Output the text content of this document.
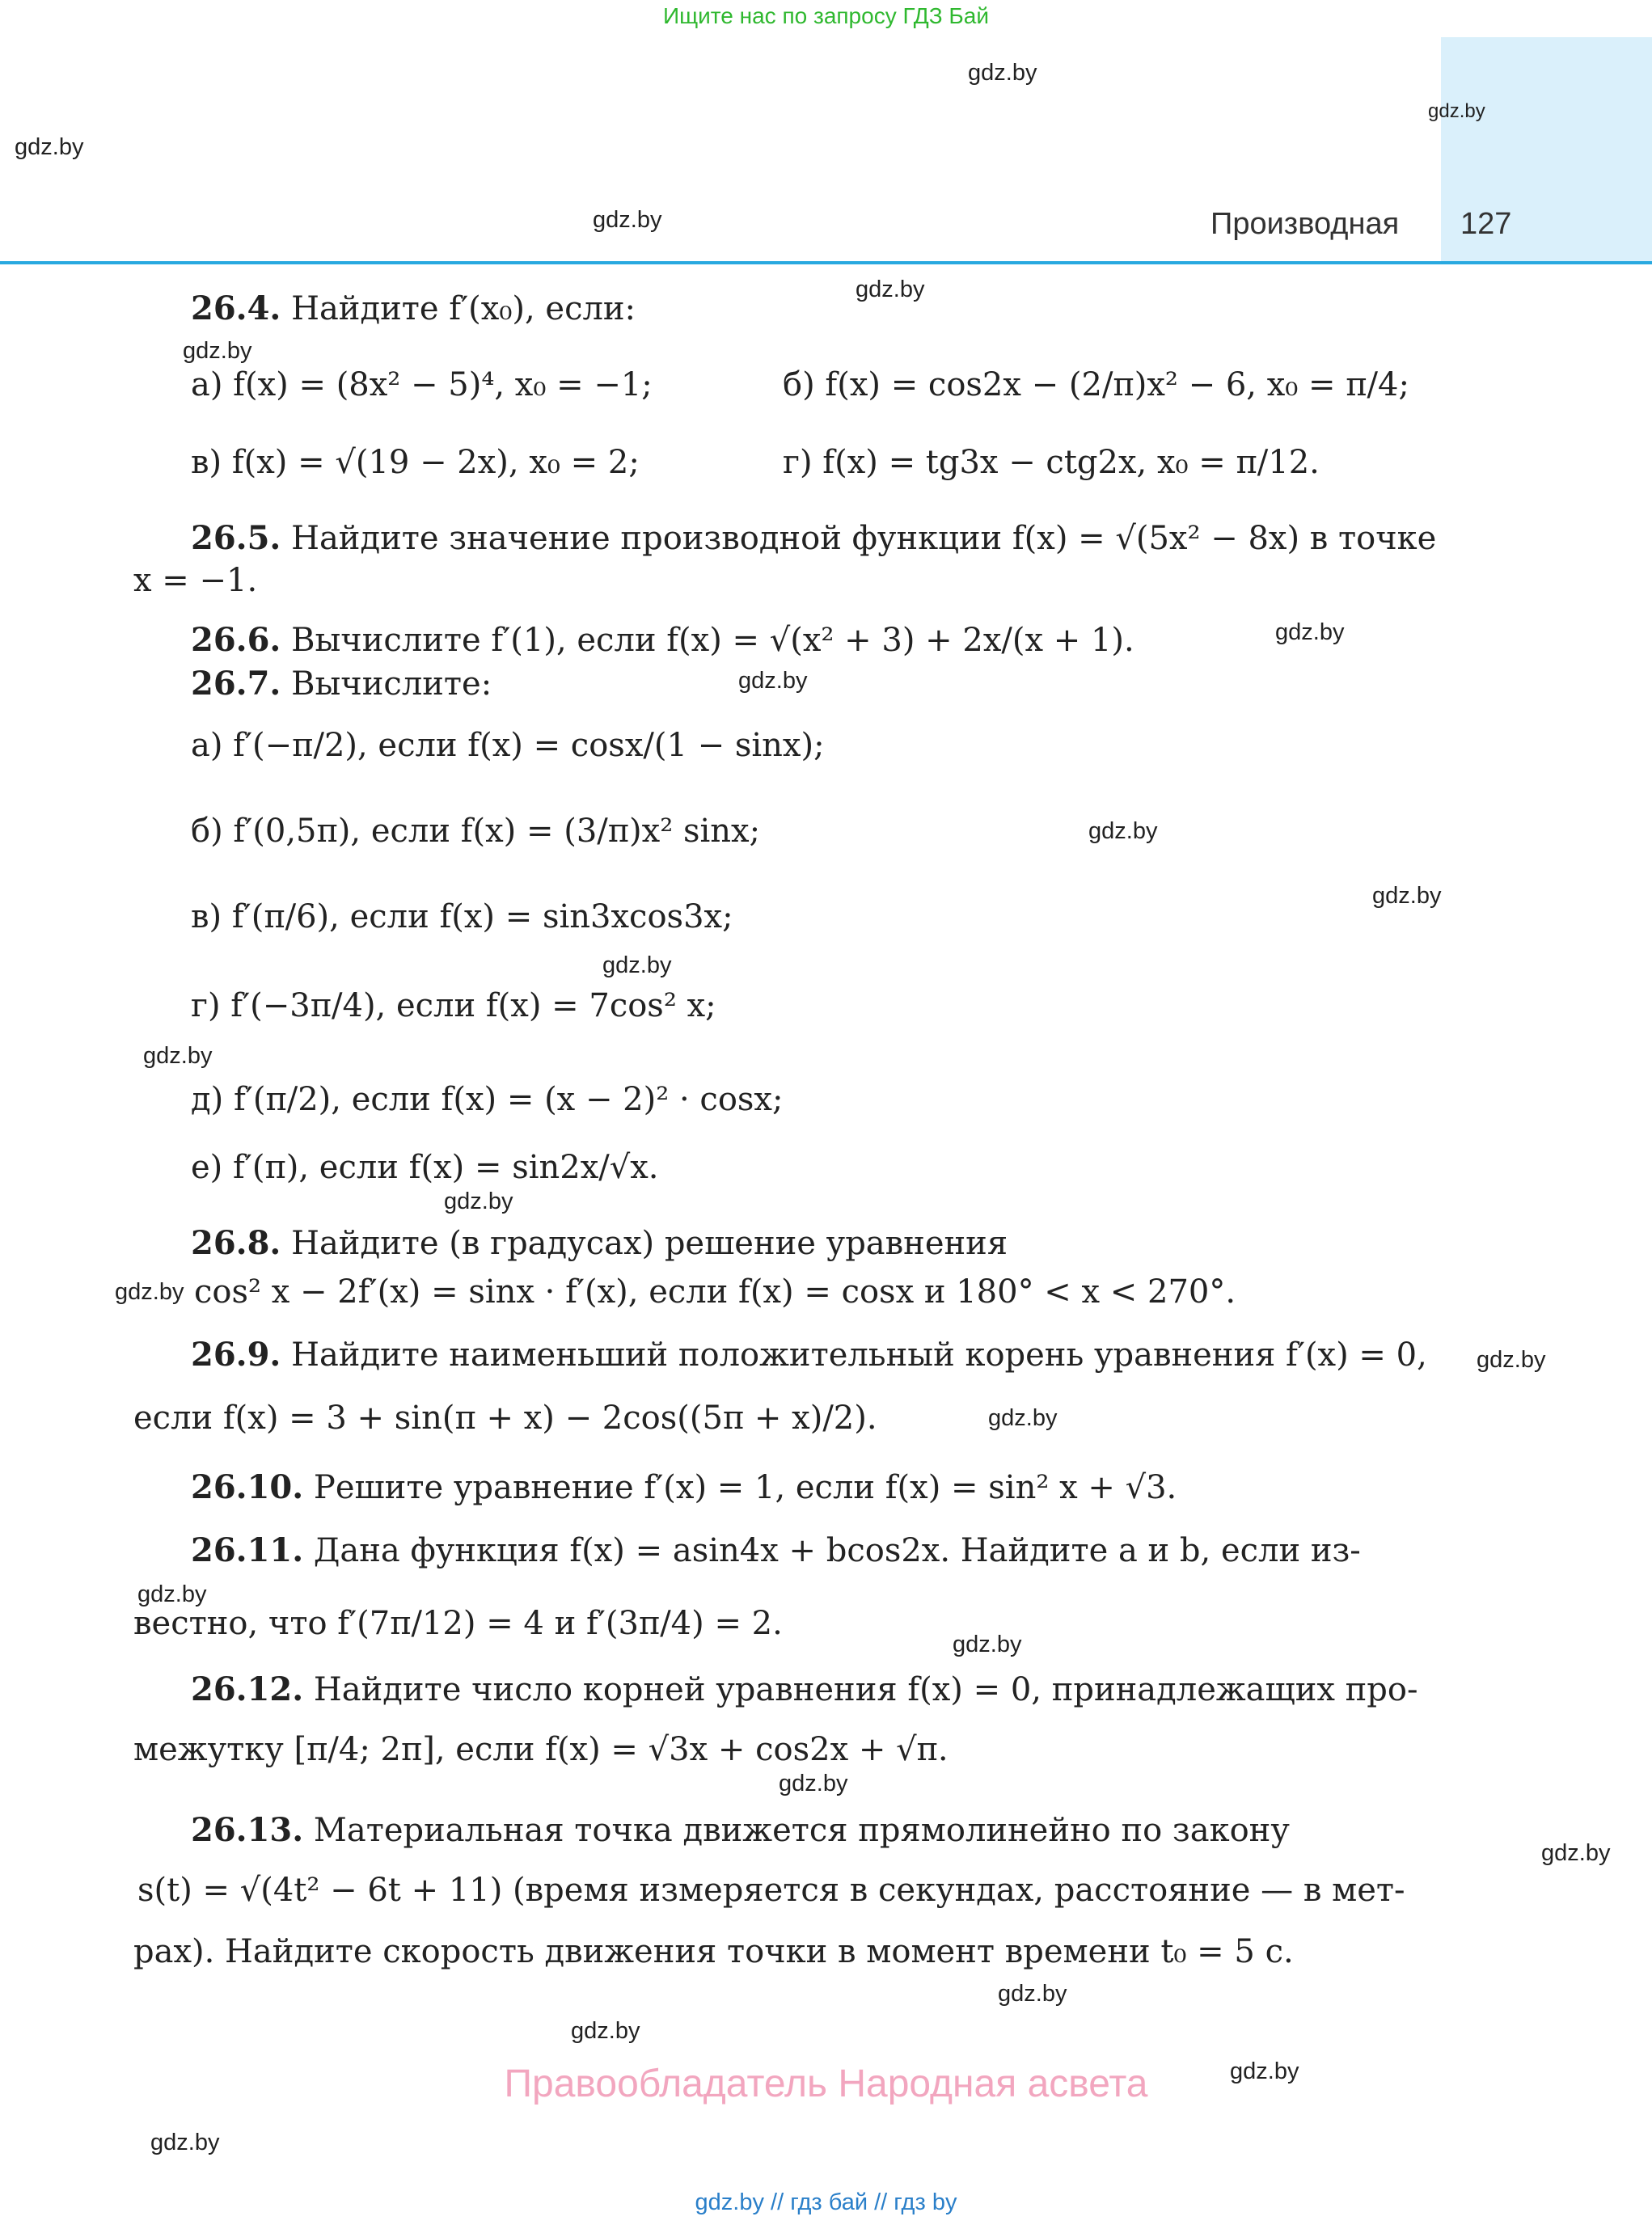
Ищите нас по запросу ГДЗ Бай
Производная 127
gdz.by
gdz.by
gdz.by
gdz.by
gdz.by
gdz.by
gdz.by
gdz.by
gdz.by
gdz.by
gdz.by
gdz.by
gdz.by
gdz.by
gdz.by
gdz.by
gdz.by
gdz.by
gdz.by
gdz.by
gdz.by
gdz.by
gdz.by
gdz.by
26.4. Найдите f′(x₀), если:
а) f(x) = (8x² − 5)⁴, x₀ = −1;	б) f(x) = cos2x − (2/π)x² − 6, x₀ = π/4;
в) f(x) = √(19 − 2x), x₀ = 2;	г) f(x) = tg3x − ctg2x, x₀ = π/12.
26.5. Найдите значение производной функции f(x) = √(5x² − 8x) в точке
x = −1.
26.6. Вычислите f′(1), если f(x) = √(x² + 3) + 2x/(x + 1).
26.7. Вычислите:
а) f′(−π/2), если f(x) = cosx/(1 − sinx);
б) f′(0,5π), если f(x) = (3/π)x² sinx;
в) f′(π/6), если f(x) = sin3xcos3x;
г) f′(−3π/4), если f(x) = 7cos² x;
д) f′(π/2), если f(x) = (x − 2)² · cosx;
е) f′(π), если f(x) = sin2x/√x.
26.8. Найдите (в градусах) решение уравнения
cos² x − 2f′(x) = sinx · f′(x), если f(x) = cosx и 180° < x < 270°.
26.9. Найдите наименьший положительный корень уравнения f′(x) = 0,
если f(x) = 3 + sin(π + x) − 2cos((5π + x)/2).
26.10. Решите уравнение f′(x) = 1, если f(x) = sin² x + √3.
26.11. Дана функция f(x) = asin4x + bcos2x. Найдите a и b, если из-
вестно, что f′(7π/12) = 4 и f′(3π/4) = 2.
26.12. Найдите число корней уравнения f(x) = 0, принадлежащих про-
межутку [π/4; 2π], если f(x) = √3x + cos2x + √π.
26.13. Материальная точка движется прямолинейно по закону
s(t) = √(4t² − 6t + 11) (время измеряется в секундах, расстояние — в мет-
рах). Найдите скорость движения точки в момент времени t₀ = 5 с.
Правообладатель Народная асвета
gdz.by // гдз бай // гдз by
